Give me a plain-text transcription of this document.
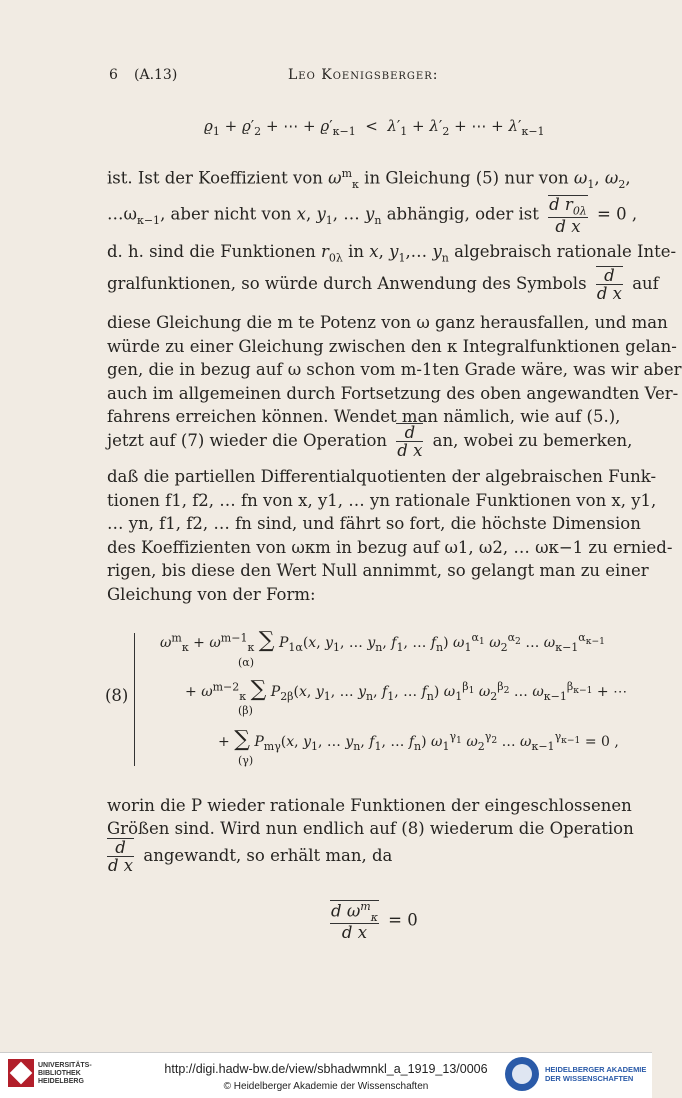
6 (A.13)	Leo Koenigsberger:
$ϱ_1 + ϱ'_2$ + ⋯ + $ϱ'_{\kappa-1} < \lambda'_1 + \lambda'_2$ + ⋯ + $\lambda'_{\kappa-1}$
ist. Ist der Koeffizient von $\omega^m_\kappa$ in Gleichung (5) nur von $\omega_1$, $\omega_2$,
$\dots\omega_{\kappa-1}$, aber nicht von x, $y_1$, … $y_n$ abhängig, oder ist $\frac{d r_{0\lambda}}{\text{d x}} = 0$ ,
d. h. sind die Funktionen $r_{0\lambda}$ in x, $y_1,\dots$ $y_n$ algebraisch rationale Inte-
gralfunktionen, so würde durch Anwendung des Symbols $\frac{d}{\text{d x}}$ auf
diese Gleichung die m te Potenz von ω ganz herausfallen, und man
würde zu einer Gleichung zwischen den κ Integralfunktionen gelan-
gen, die in bezug auf ω schon vom m-1ten Grade wäre, was wir aber
auch im allgemeinen durch Fortsetzung des oben angewandten Ver-
fahrens erreichen können. Wendet man nämlich, wie auf (5.),
jetzt auf (7) wieder die Operation $\frac{d}{\text{d x}}$ an, wobei zu bemerken,
daß die partiellen Differentialquotienten der algebraischen Funk-
tionen f1, f2, … fn von x, y1, … yn rationale Funktionen von x, y1,
… yn, f1, f2, … fn sind, und fährt so fort, die höchste Dimension
des Koeffizienten von ωκm in bezug auf ω1, ω2, … ωκ−1 zu ernied-
rigen, bis diese den Wert Null annimmt, so gelangt man zu einer
Gleichung von der Form:
(8)
$\omega^m_\kappa + \omega^{m-1}_\kappa$ ∑ $P_{1\alpha}(x$, $y_1$, … $y_n$, $f_1$, … $f_n$) $\omega_1^{\alpha_1}$ $\omega_2^{\alpha_2}$ … $\omega_{\kappa-1}^{\alpha_{\kappa-1}}$
(α)
+ $\omega^{m-2}_\kappa$ ∑ $P_{2\beta}(x$, $y_1$, … $y_n$, $f_1$, … $f_n$) $\omega_1^{\beta_1}$ $\omega_2^{\beta_2}$ … $\omega_{\kappa-1}^{\beta_{\kappa-1}}$ + ⋯
(β)
+ ∑ $P_{m\gamma}(x$, $y_1$, … $y_n$, $f_1$, … $f_n$) $\omega_1^{\gamma_1}$ $\omega_2^{\gamma_2}$ … $\omega_{\kappa-1}^{\gamma_{\kappa-1}} = 0$ ,
(γ)
worin die P wieder rationale Funktionen der eingeschlossenen
Größen sind. Wird nun endlich auf (8) wiederum die Operation
$\frac{d}{\text{d x}}$ angewandt, so erhält man, da
d $\omega^m_\kappa$
d x
= 0
UNIVERSITÄTS-
BIBLIOTHEK
HEIDELBERG
http://digi.hadw-bw.de/view/sbhadwmnkl_a_1919_13/0006
© Heidelberger Akademie der Wissenschaften
HEIDELBERGER AKADEMIE
DER WISSENSCHAFTEN
